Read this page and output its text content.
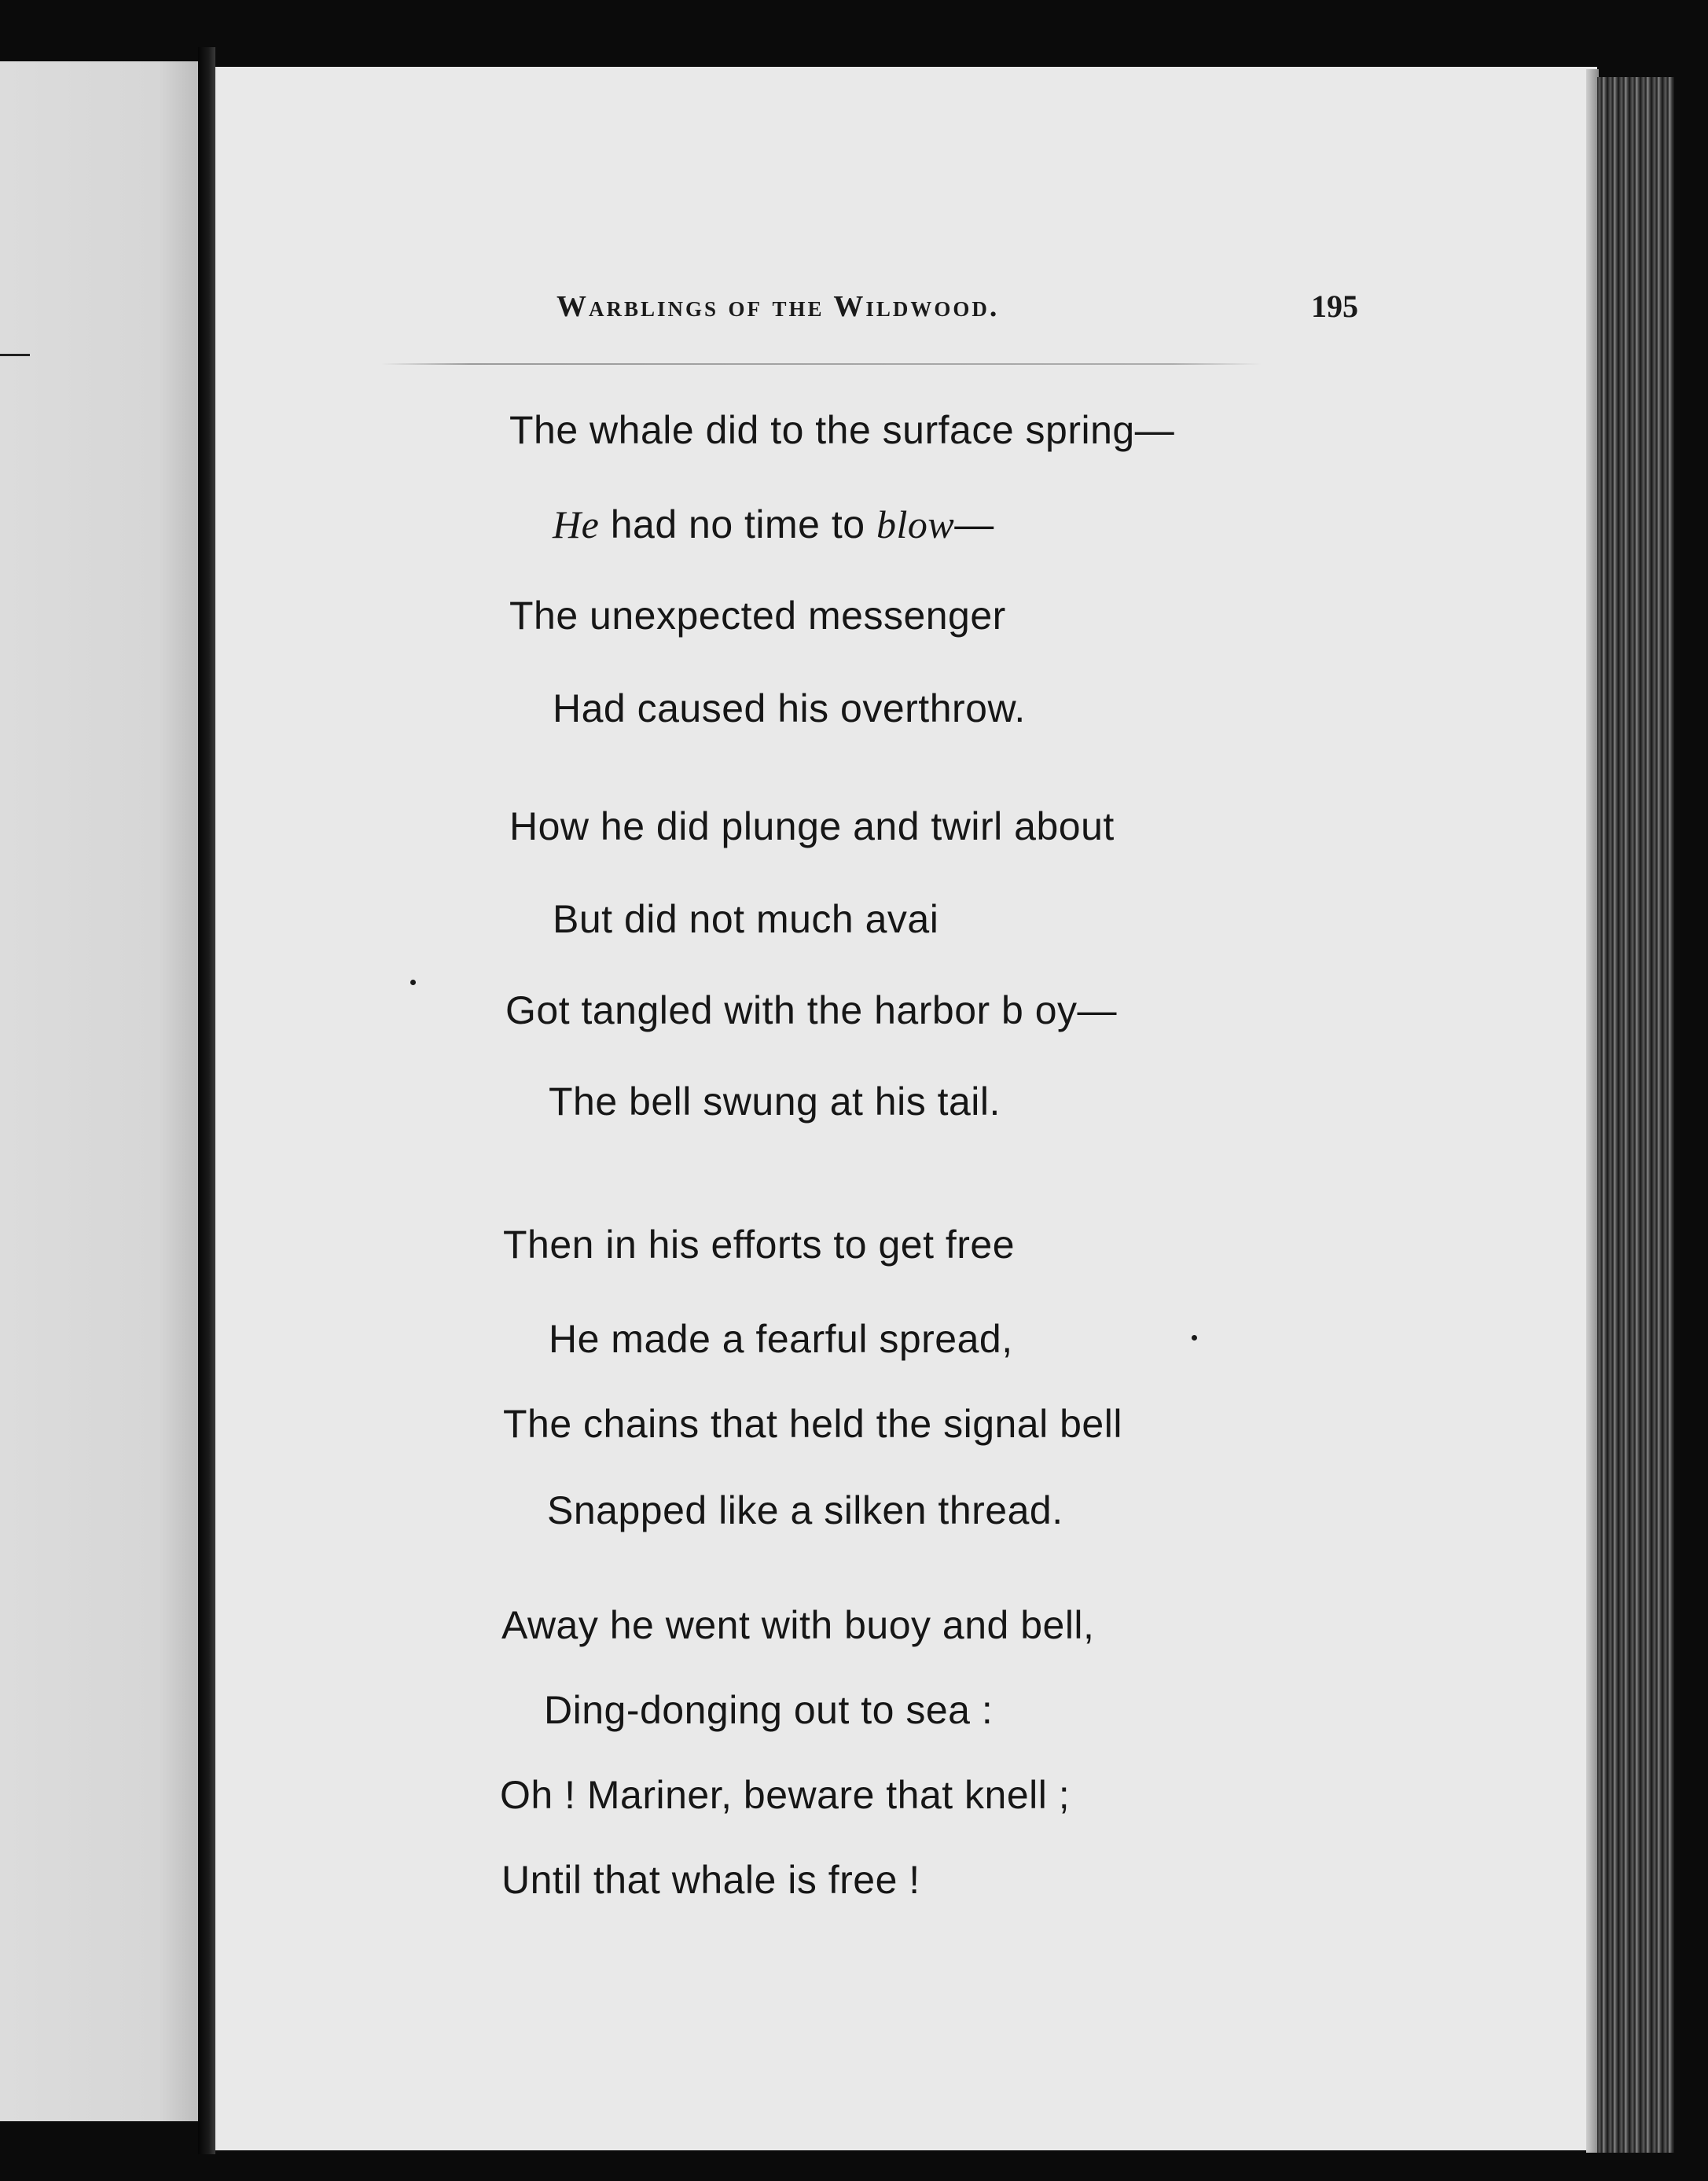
Warblings of the Wildwood.	195
The whale did to the surface spring—
He had no time to blow—
The unexpected messenger
Had caused his overthrow.
How he did plunge and twirl about
But did not much avai
Got tangled with the harbor b oy—
The bell swung at his tail.
Then in his efforts to get free
He made a fearful spread,
The chains that held the signal bell
Snapped like a silken thread.
Away he went with buoy and bell,
Ding-donging out to sea :
Oh ! Mariner, beware that knell ;
Until that whale is free !
